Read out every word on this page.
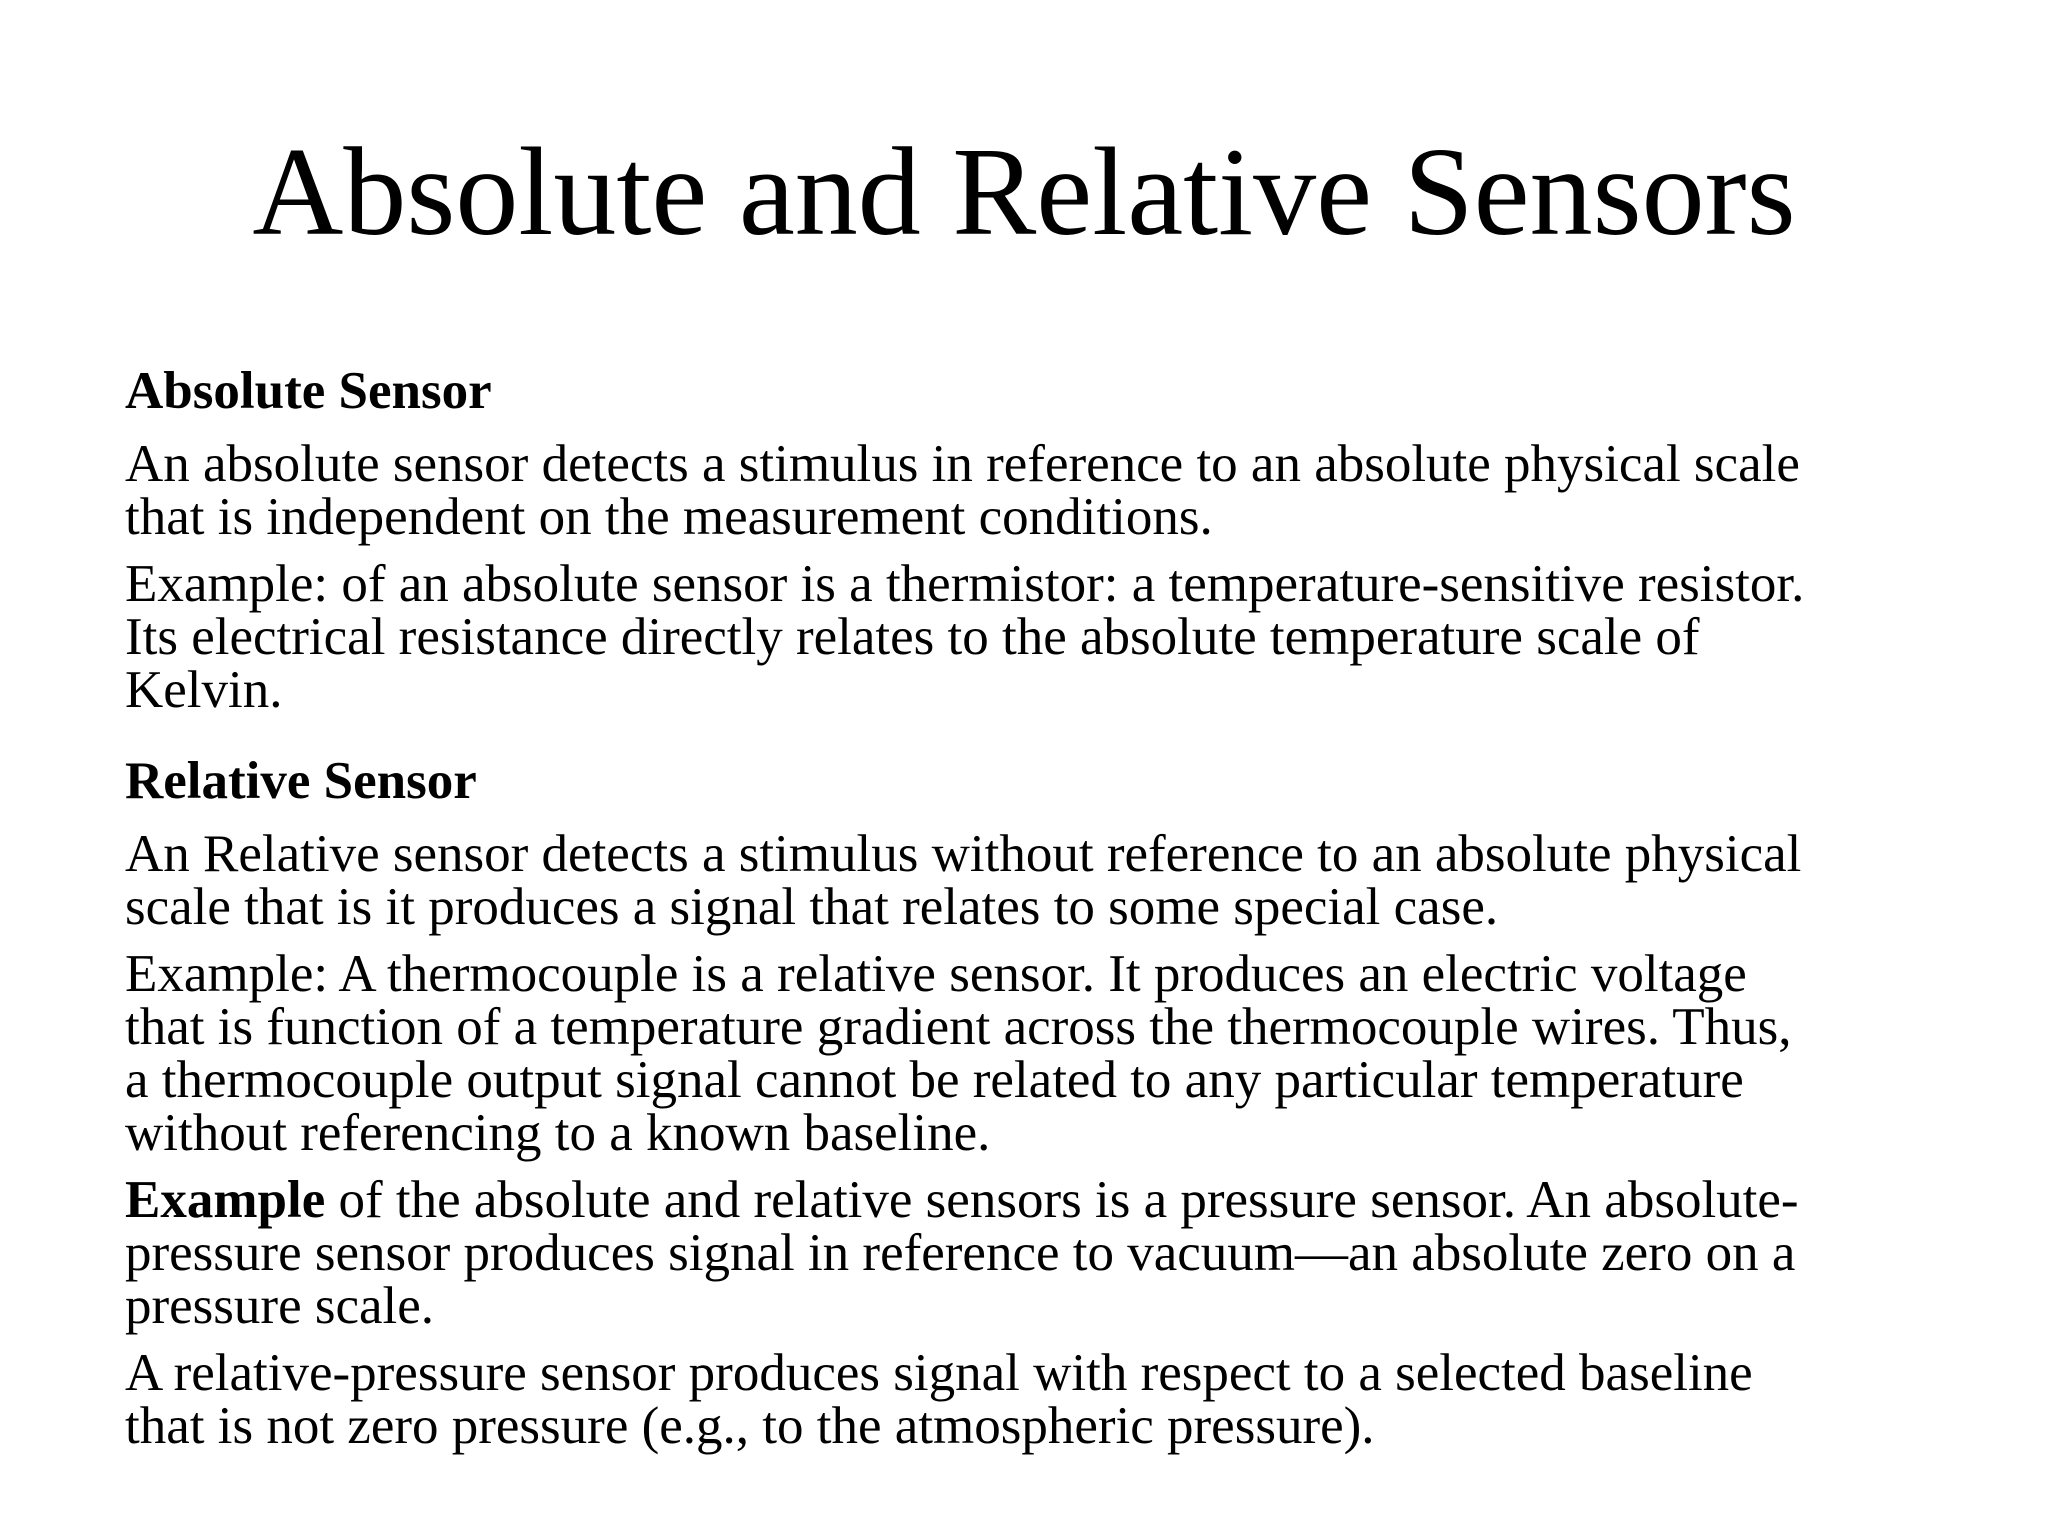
Absolute and Relative Sensors
Absolute Sensor
An absolute sensor detects a stimulus in reference to an absolute physical scale
that is independent on the measurement conditions.
Example: of an absolute sensor is a thermistor: a temperature-sensitive resistor.
Its electrical resistance directly relates to the absolute temperature scale of
Kelvin.
Relative Sensor
An Relative sensor detects a stimulus without reference to an absolute physical
scale that is it produces a signal that relates to some special case.
Example: A thermocouple is a relative sensor. It produces an electric voltage
that is function of a temperature gradient across the thermocouple wires. Thus,
a thermocouple output signal cannot be related to any particular temperature
without referencing to a known baseline.
Example of the absolute and relative sensors is a pressure sensor. An absolute-
pressure sensor produces signal in reference to vacuum—an absolute zero on a
pressure scale.
A relative-pressure sensor produces signal with respect to a selected baseline
that is not zero pressure (e.g., to the atmospheric pressure).
